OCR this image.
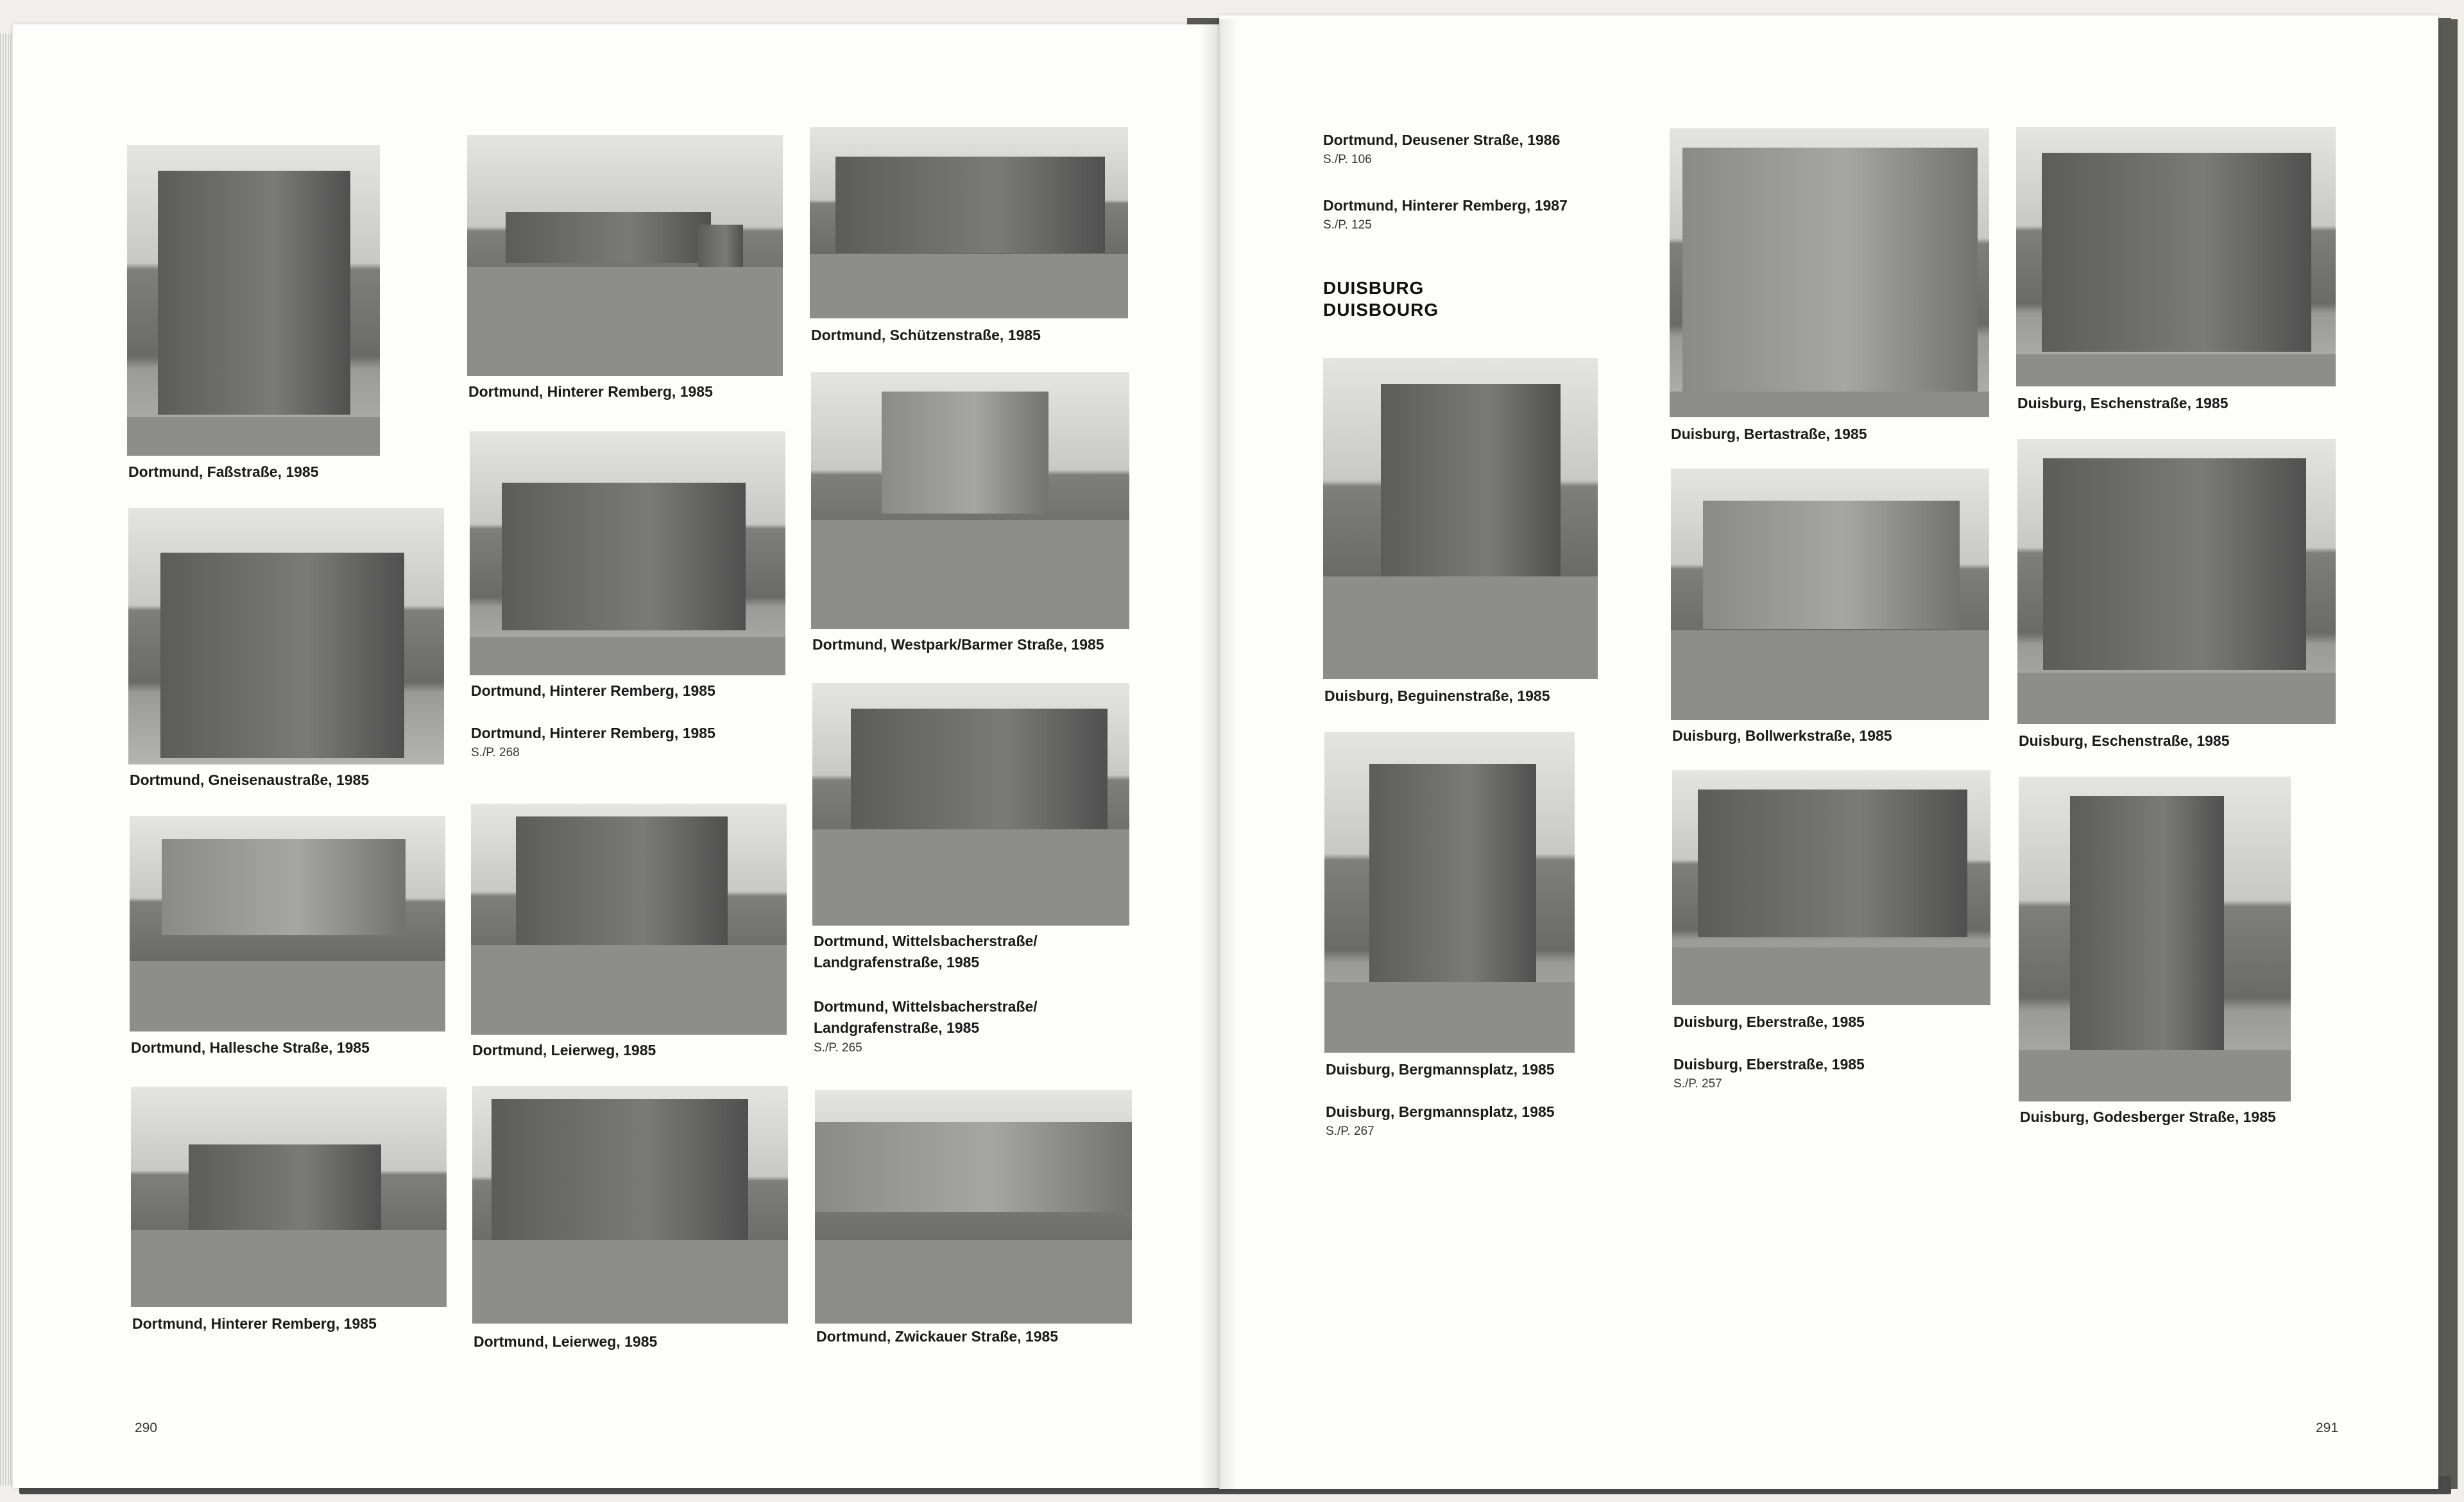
Dortmund, Faßstraße, 1985
Dortmund, Gneisenaustraße, 1985
Dortmund, Hallesche Straße, 1985
Dortmund, Hinterer Remberg, 1985
Dortmund, Hinterer Remberg, 1985
Dortmund, Hinterer Remberg, 1985
Dortmund, Hinterer Remberg, 1985
S./P. 268
Dortmund, Leierweg, 1985
Dortmund, Leierweg, 1985
Dortmund, Schützenstraße, 1985
Dortmund, Westpark/Barmer Straße, 1985
Dortmund, Wittelsbacherstraße/
Landgrafenstraße, 1985
Dortmund, Wittelsbacherstraße/
Landgrafenstraße, 1985
S./P. 265
Dortmund, Zwickauer Straße, 1985
290
Dortmund, Deusener Straße, 1986
S./P. 106
Dortmund, Hinterer Remberg, 1987
S./P. 125
DUISBURG
DUISBOURG
Duisburg, Beguinenstraße, 1985
Duisburg, Bergmannsplatz, 1985
Duisburg, Bergmannsplatz, 1985
S./P. 267
Duisburg, Bertastraße, 1985
Duisburg, Bollwerkstraße, 1985
Duisburg, Eberstraße, 1985
Duisburg, Eberstraße, 1985
S./P. 257
Duisburg, Eschenstraße, 1985
Duisburg, Eschenstraße, 1985
Duisburg, Godesberger Straße, 1985
291
